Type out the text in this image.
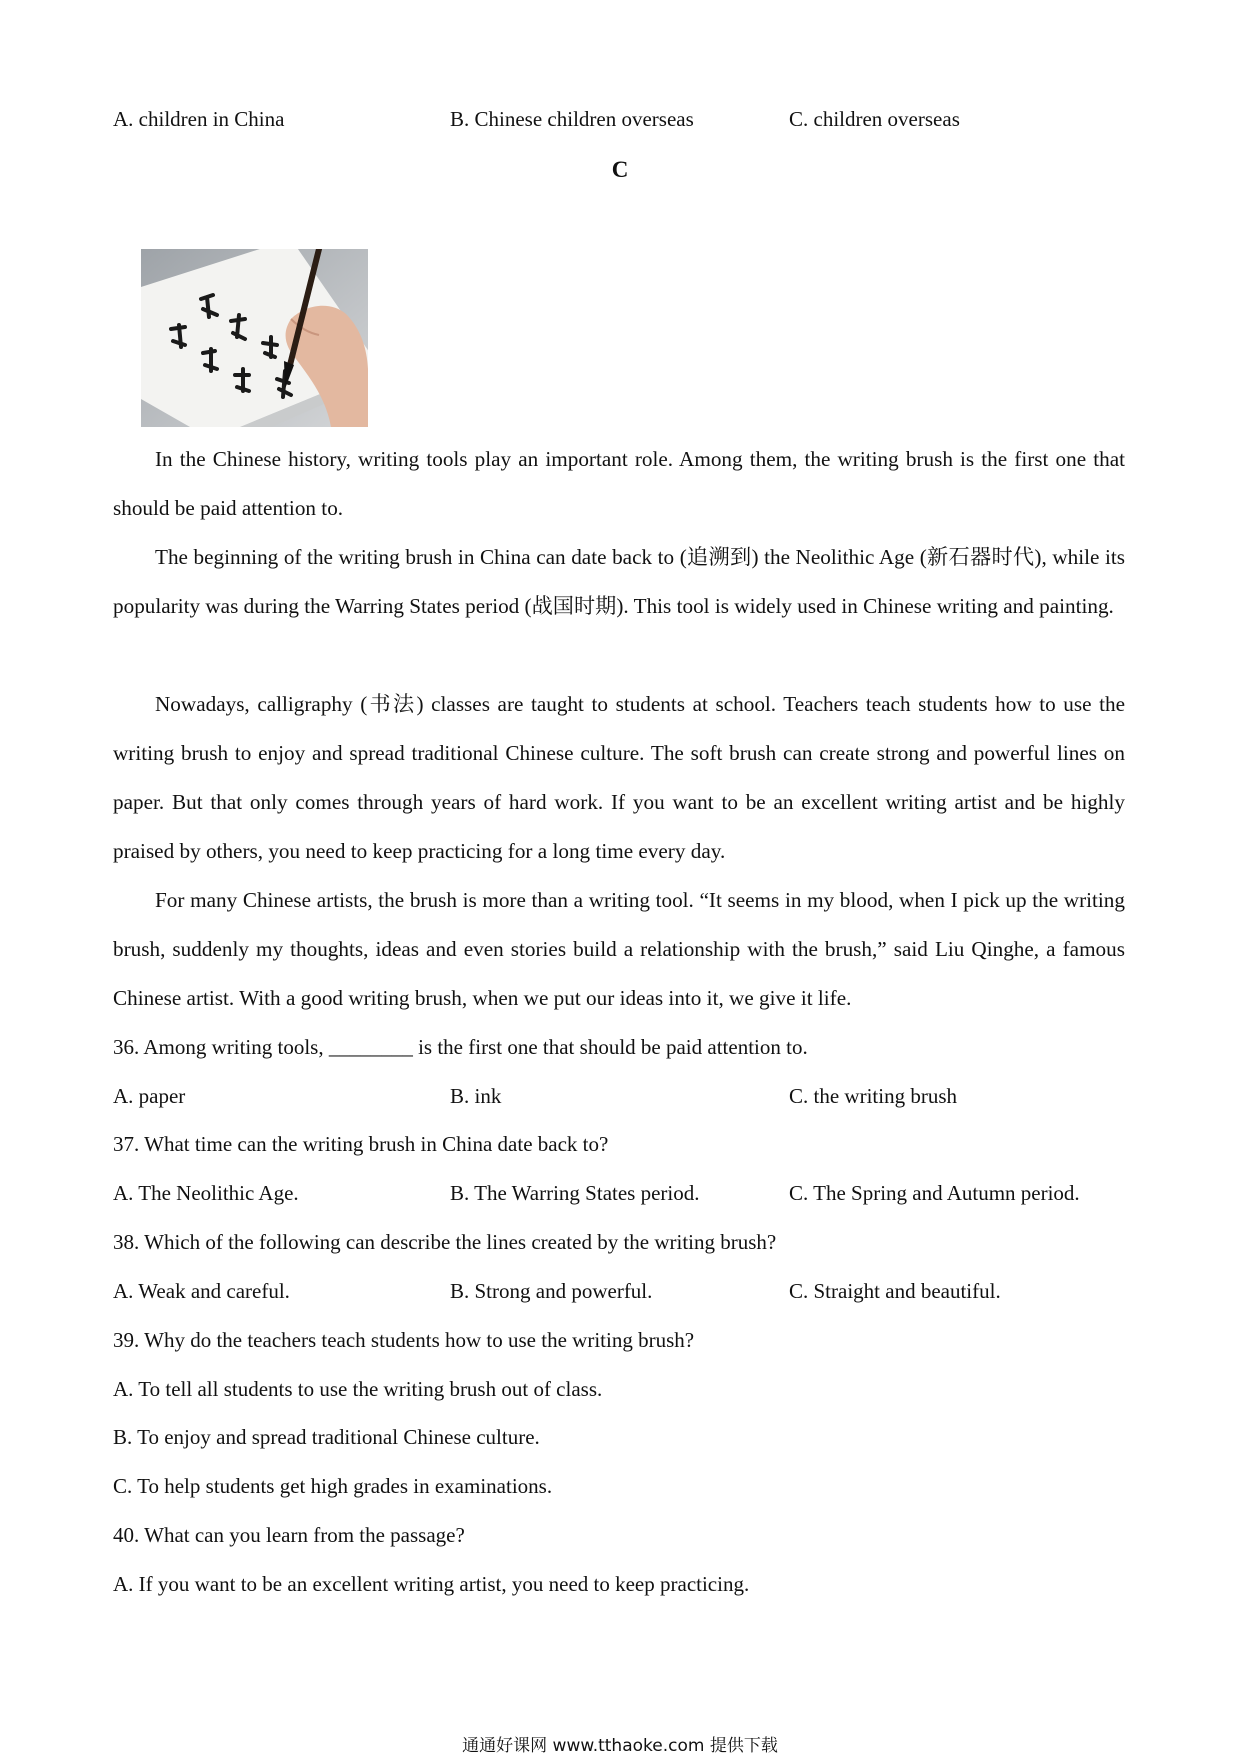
A. children in China	B. Chinese children overseas	C. children overseas
C
In the Chinese history, writing tools play an important role. Among them, the writing brush is the first one that should be paid attention to.
The beginning of the writing brush in China can date back to (追溯到) the Neolithic Age (新石器时代), while its popularity was during the Warring States period (战国时期). This tool is widely used in Chinese writing and painting.
Nowadays, calligraphy (书法) classes are taught to students at school. Teachers teach students how to use the writing brush to enjoy and spread traditional Chinese culture. The soft brush can create strong and powerful lines on paper. But that only comes through years of hard work. If you want to be an excellent writing artist and be highly praised by others, you need to keep practicing for a long time every day.
For many Chinese artists, the brush is more than a writing tool. “It seems in my blood, when I pick up the writing brush, suddenly my thoughts, ideas and even stories build a relationship with the brush,” said Liu Qinghe, a famous Chinese artist. With a good writing brush, when we put our ideas into it, we give it life.
36. Among writing tools, ________ is the first one that should be paid attention to.
A. paper	B. ink	C. the writing brush
37. What time can the writing brush in China date back to?
A. The Neolithic Age.	B. The Warring States period.	C. The Spring and Autumn period.
38. Which of the following can describe the lines created by the writing brush?
A. Weak and careful.	B. Strong and powerful.	C. Straight and beautiful.
39. Why do the teachers teach students how to use the writing brush?
A. To tell all students to use the writing brush out of class.
B. To enjoy and spread traditional Chinese culture.
C. To help students get high grades in examinations.
40. What can you learn from the passage?
A. If you want to be an excellent writing artist, you need to keep practicing.
通通好课网 www.tthaoke.com 提供下载
